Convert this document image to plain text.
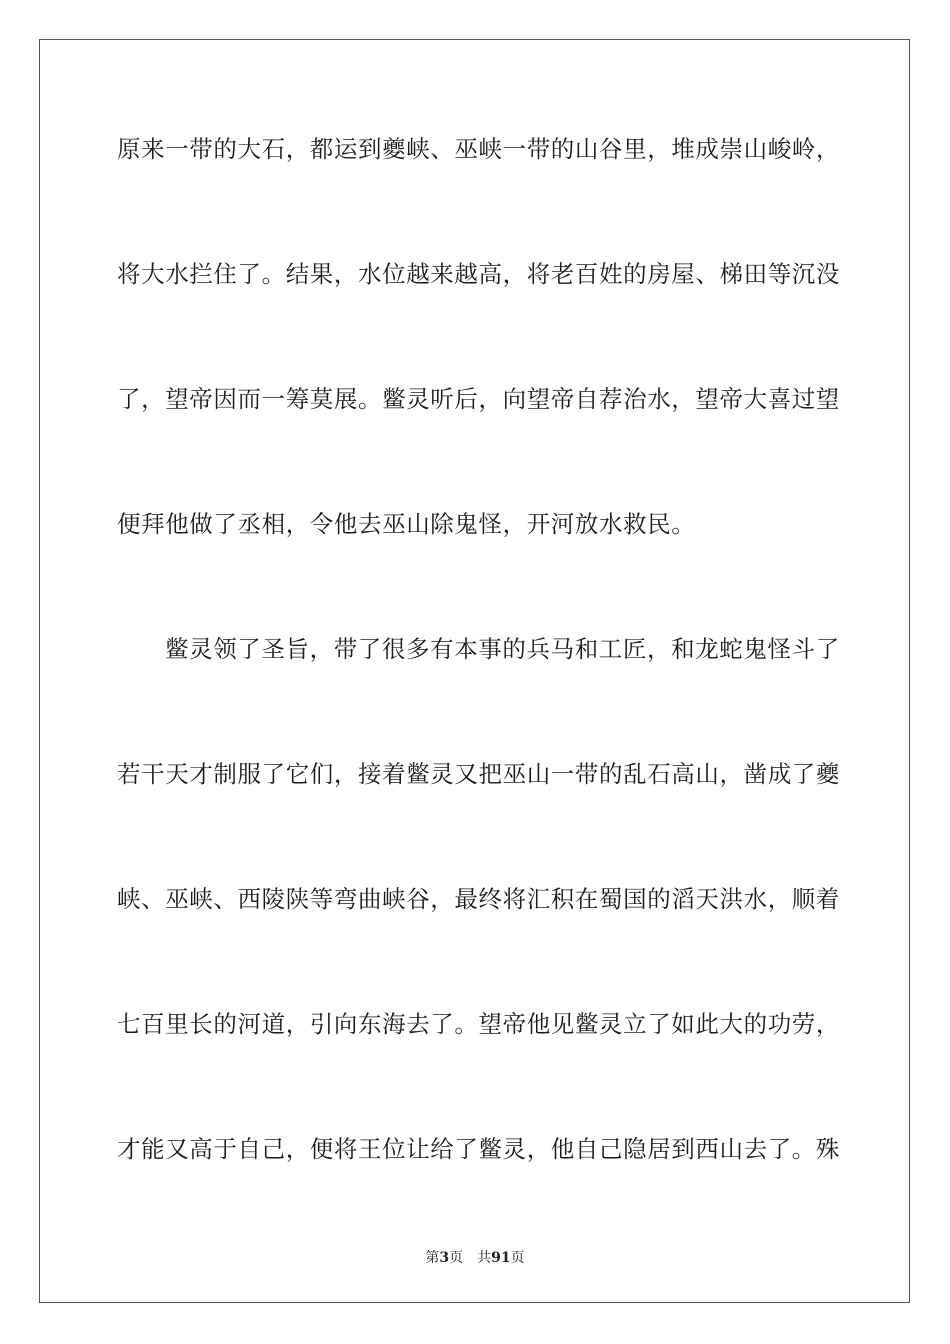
原来一带的大石，都运到夔峡、巫峡一带的山谷里，堆成崇山峻岭，
将大水拦住了。结果，水位越来越高，将老百姓的房屋、梯田等沉没
了，望帝因而一筹莫展。鳖灵听后，向望帝自荐治水，望帝大喜过望
便拜他做了丞相，令他去巫山除鬼怪，开河放水救民。
鳖灵领了圣旨，带了很多有本事的兵马和工匠，和龙蛇鬼怪斗了
若干天才制服了它们，接着鳖灵又把巫山一带的乱石高山，凿成了夔
峡、巫峡、西陵陕等弯曲峡谷，最终将汇积在蜀国的滔天洪水，顺着
七百里长的河道，引向东海去了。望帝他见鳖灵立了如此大的功劳，
才能又高于自己，便将王位让给了鳖灵，他自己隐居到西山去了。殊
第3页 共91页
